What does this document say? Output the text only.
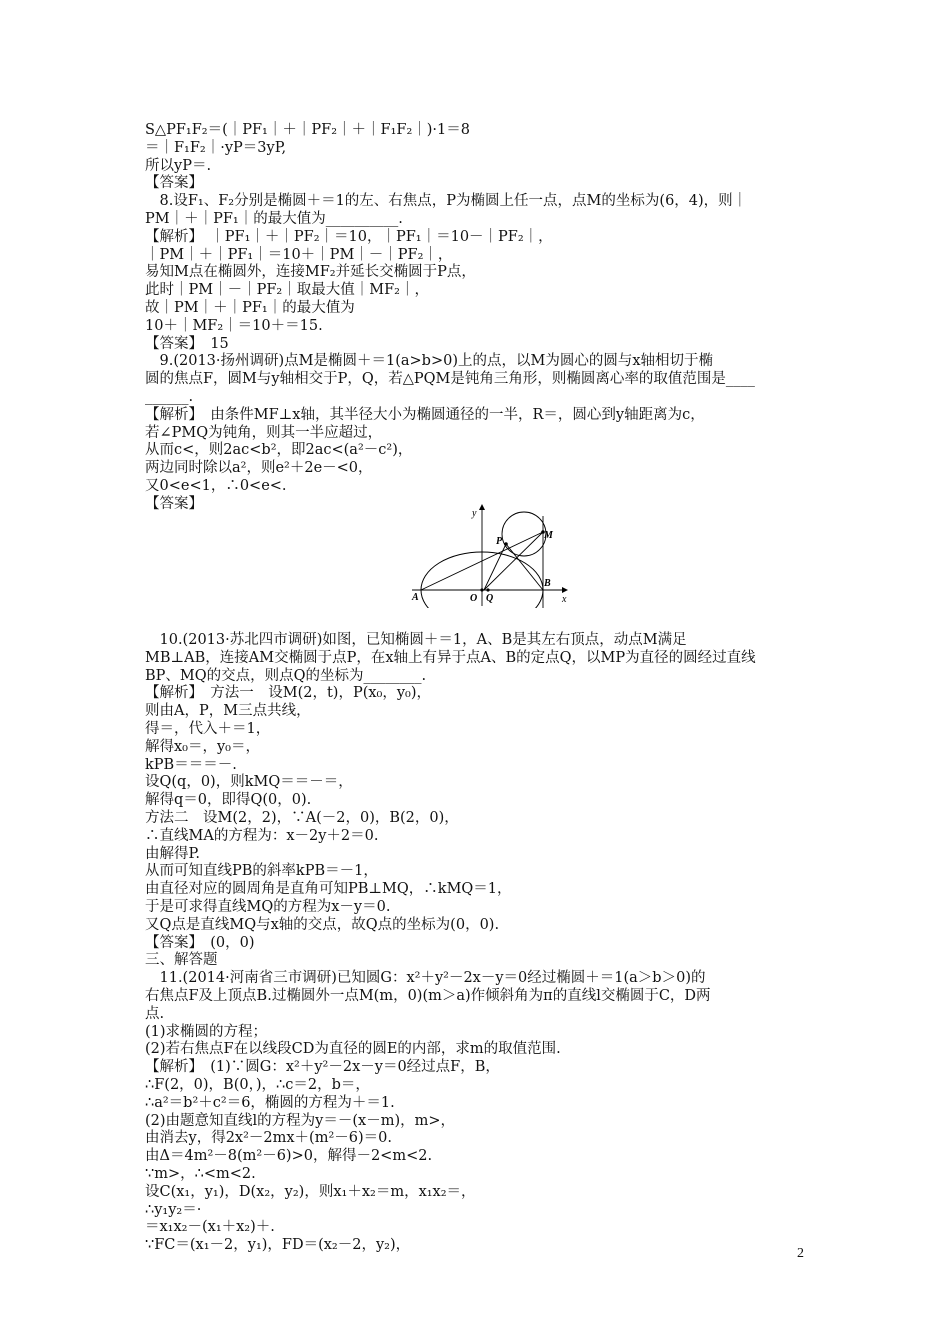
S△PF₁F₂＝(｜PF₁｜＋｜PF₂｜＋｜F₁F₂｜)·1＝8
＝｜F₁F₂｜·yP＝3yP,
所以yP＝.
【答案】
　8.设F₁、F₂分别是椭圆＋＝1的左、右焦点，P为椭圆上任一点，点M的坐标为(6，4)，则｜
PM｜＋｜PF₁｜的最大值为__________.
【解析】　｜PF₁｜＋｜PF₂｜＝10，｜PF₁｜＝10－｜PF₂｜，
｜PM｜＋｜PF₁｜＝10＋｜PM｜－｜PF₂｜，
易知M点在椭圆外，连接MF₂并延长交椭圆于P点，
此时｜PM｜－｜PF₂｜取最大值｜MF₂｜，
故｜PM｜＋｜PF₁｜的最大值为
10＋｜MF₂｜＝10＋＝15.
【答案】　15
　9.(2013·扬州调研)点M是椭圆＋＝1(a>b>0)上的点，以M为圆心的圆与x轴相切于椭
圆的焦点F，圆M与y轴相交于P，Q，若△PQM是钝角三角形，则椭圆离心率的取值范围是____
______.
【解析】　由条件MF⊥x轴，其半径大小为椭圆通径的一半，R＝，圆心到y轴距离为c，
若∠PMQ为钝角，则其一半应超过，
从而c<，则2ac<b²，即2ac<(a²－c²)，
两边同时除以a²，则e²＋2e－<0，
又0<e<1，∴0<e<.
【答案】
y
x
P
M
B
A	O Q
　10.(2013·苏北四市调研)如图，已知椭圆＋＝1，A、B是其左右顶点，动点M满足
MB⊥AB，连接AM交椭圆于点P，在x轴上有异于点A、B的定点Q，以MP为直径的圆经过直线
BP、MQ的交点，则点Q的坐标为________.
【解析】　方法一　设M(2，t)，P(x₀，y₀)，
则由A，P，M三点共线，
得＝，代入＋＝1，
解得x₀＝，y₀＝，
kPB＝＝＝－.
设Q(q，0)，则kMQ＝＝－＝，
解得q＝0，即得Q(0，0).
方法二　设M(2，2)，∵A(－2，0)，B(2，0)，
∴直线MA的方程为：x－2y＋2＝0.
由解得P.
从而可知直线PB的斜率kPB＝－1，
由直径对应的圆周角是直角可知PB⊥MQ，∴kMQ＝1，
于是可求得直线MQ的方程为x－y＝0.
又Q点是直线MQ与x轴的交点，故Q点的坐标为(0，0).
【答案】　(0，0)
三、解答题
　11.(2014·河南省三市调研)已知圆G：x²＋y²－2x－y＝0经过椭圆＋＝1(a＞b＞0)的
右焦点F及上顶点B.过椭圆外一点M(m，0)(m＞a)作倾斜角为π的直线l交椭圆于C，D两
点.
(1)求椭圆的方程；
(2)若右焦点F在以线段CD为直径的圆E的内部，求m的取值范围.
【解析】　(1)∵圆G：x²＋y²－2x－y＝0经过点F，B，
∴F(2，0)，B(0，)，∴c＝2，b＝，
∴a²＝b²＋c²＝6，椭圆的方程为＋＝1.
(2)由题意知直线l的方程为y＝－(x－m)，m>，
由消去y，得2x²－2mx＋(m²－6)＝0.
由Δ＝4m²－8(m²－6)>0，解得－2<m<2.
∵m>，∴<m<2.
设C(x₁，y₁)，D(x₂，y₂)，则x₁＋x₂＝m，x₁x₂＝，
∴y₁y₂＝·
＝x₁x₂－(x₁＋x₂)＋.
∵FC＝(x₁－2，y₁)，FD＝(x₂－2，y₂)，
2
